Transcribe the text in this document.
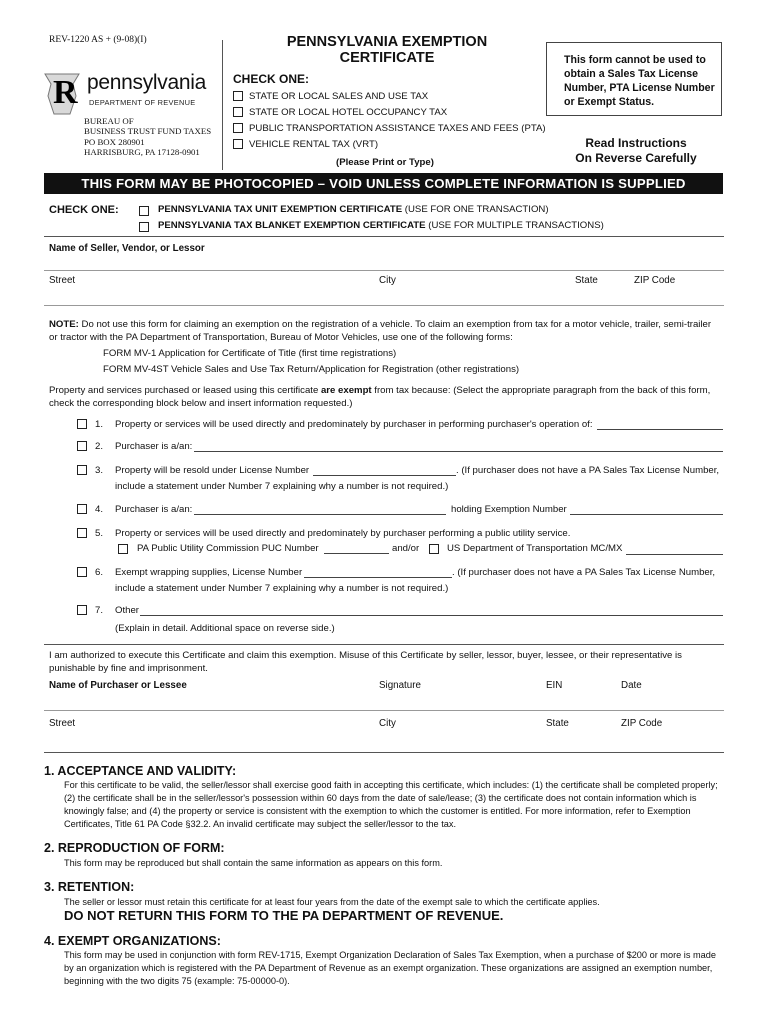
REV-1220 AS + (9-08)(I)	PENNSYLVANIA EXEMPTION
CERTIFICATE
R pennsylvania
DEPARTMENT OF REVENUE
BUREAU OF
BUSINESS TRUST FUND TAXES
PO BOX 280901
HARRISBURG, PA 17128-0901
CHECK ONE:
STATE OR LOCAL SALES AND USE TAX
STATE OR LOCAL HOTEL OCCUPANCY TAX
PUBLIC TRANSPORTATION ASSISTANCE TAXES AND FEES (PTA)
VEHICLE RENTAL TAX (VRT)
(Please Print or Type)
This form cannot be used to obtain a Sales Tax License Number, PTA License Number or Exempt Status.
Read Instructions
On Reverse Carefully
THIS FORM MAY BE PHOTOCOPIED – VOID UNLESS COMPLETE INFORMATION IS SUPPLIED
CHECK ONE:	PENNSYLVANIA TAX UNIT EXEMPTION CERTIFICATE (USE FOR ONE TRANSACTION)
PENNSYLVANIA TAX BLANKET EXEMPTION CERTIFICATE (USE FOR MULTIPLE TRANSACTIONS)
Name of Seller, Vendor, or Lessor
Street	City	State	ZIP Code
NOTE: Do not use this form for claiming an exemption on the registration of a vehicle. To claim an exemption from tax for a motor vehicle, trailer, semi-trailer or tractor with the PA Department of Transportation, Bureau of Motor Vehicles, use one of the following forms:
FORM MV-1 Application for Certificate of Title (first time registrations)
FORM MV-4ST Vehicle Sales and Use Tax Return/Application for Registration (other registrations)
Property and services purchased or leased using this certificate are exempt from tax because: (Select the appropriate paragraph from the back of this form, check the corresponding block below and insert information requested.)
1. Property or services will be used directly and predominately by purchaser in performing purchaser's operation of:
2. Purchaser is a/an:
3. Property will be resold under License Number	. (If purchaser does not have a PA Sales Tax License Number,
include a statement under Number 7 explaining why a number is not required.)
4. Purchaser is a/an:	holding Exemption Number
5. Property or services will be used directly and predominately by purchaser performing a public utility service.
PA Public Utility Commission PUC Number	and/or	US Department of Transportation MC/MX
6. Exempt wrapping supplies, License Number	. (If purchaser does not have a PA Sales Tax License Number,
include a statement under Number 7 explaining why a number is not required.)
7. Other
(Explain in detail. Additional space on reverse side.)
I am authorized to execute this Certificate and claim this exemption. Misuse of this Certificate by seller, lessor, buyer, lessee, or their representative is punishable by fine and imprisonment.
Name of Purchaser or Lessee	Signature	EIN	Date
Street	City	State	ZIP Code
1. ACCEPTANCE AND VALIDITY:
For this certificate to be valid, the seller/lessor shall exercise good faith in accepting this certificate, which includes: (1) the certificate shall be completed properly; (2) the certificate shall be in the seller/lessor's possession within 60 days from the date of sale/lease; (3) the certificate does not contain information which is knowingly false; and (4) the property or service is consistent with the exemption to which the customer is entitled. For more information, refer to Exemption Certificates, Title 61 PA Code §32.2. An invalid certificate may subject the seller/lessor to the tax.
2. REPRODUCTION OF FORM:
This form may be reproduced but shall contain the same information as appears on this form.
3. RETENTION:
The seller or lessor must retain this certificate for at least four years from the date of the exempt sale to which the certificate applies.
DO NOT RETURN THIS FORM TO THE PA DEPARTMENT OF REVENUE.
4. EXEMPT ORGANIZATIONS:
This form may be used in conjunction with form REV-1715, Exempt Organization Declaration of Sales Tax Exemption, when a purchase of $200 or more is made by an organization which is registered with the PA Department of Revenue as an exempt organization. These organizations are assigned an exemption number, beginning with the two digits 75 (example: 75-00000-0).
